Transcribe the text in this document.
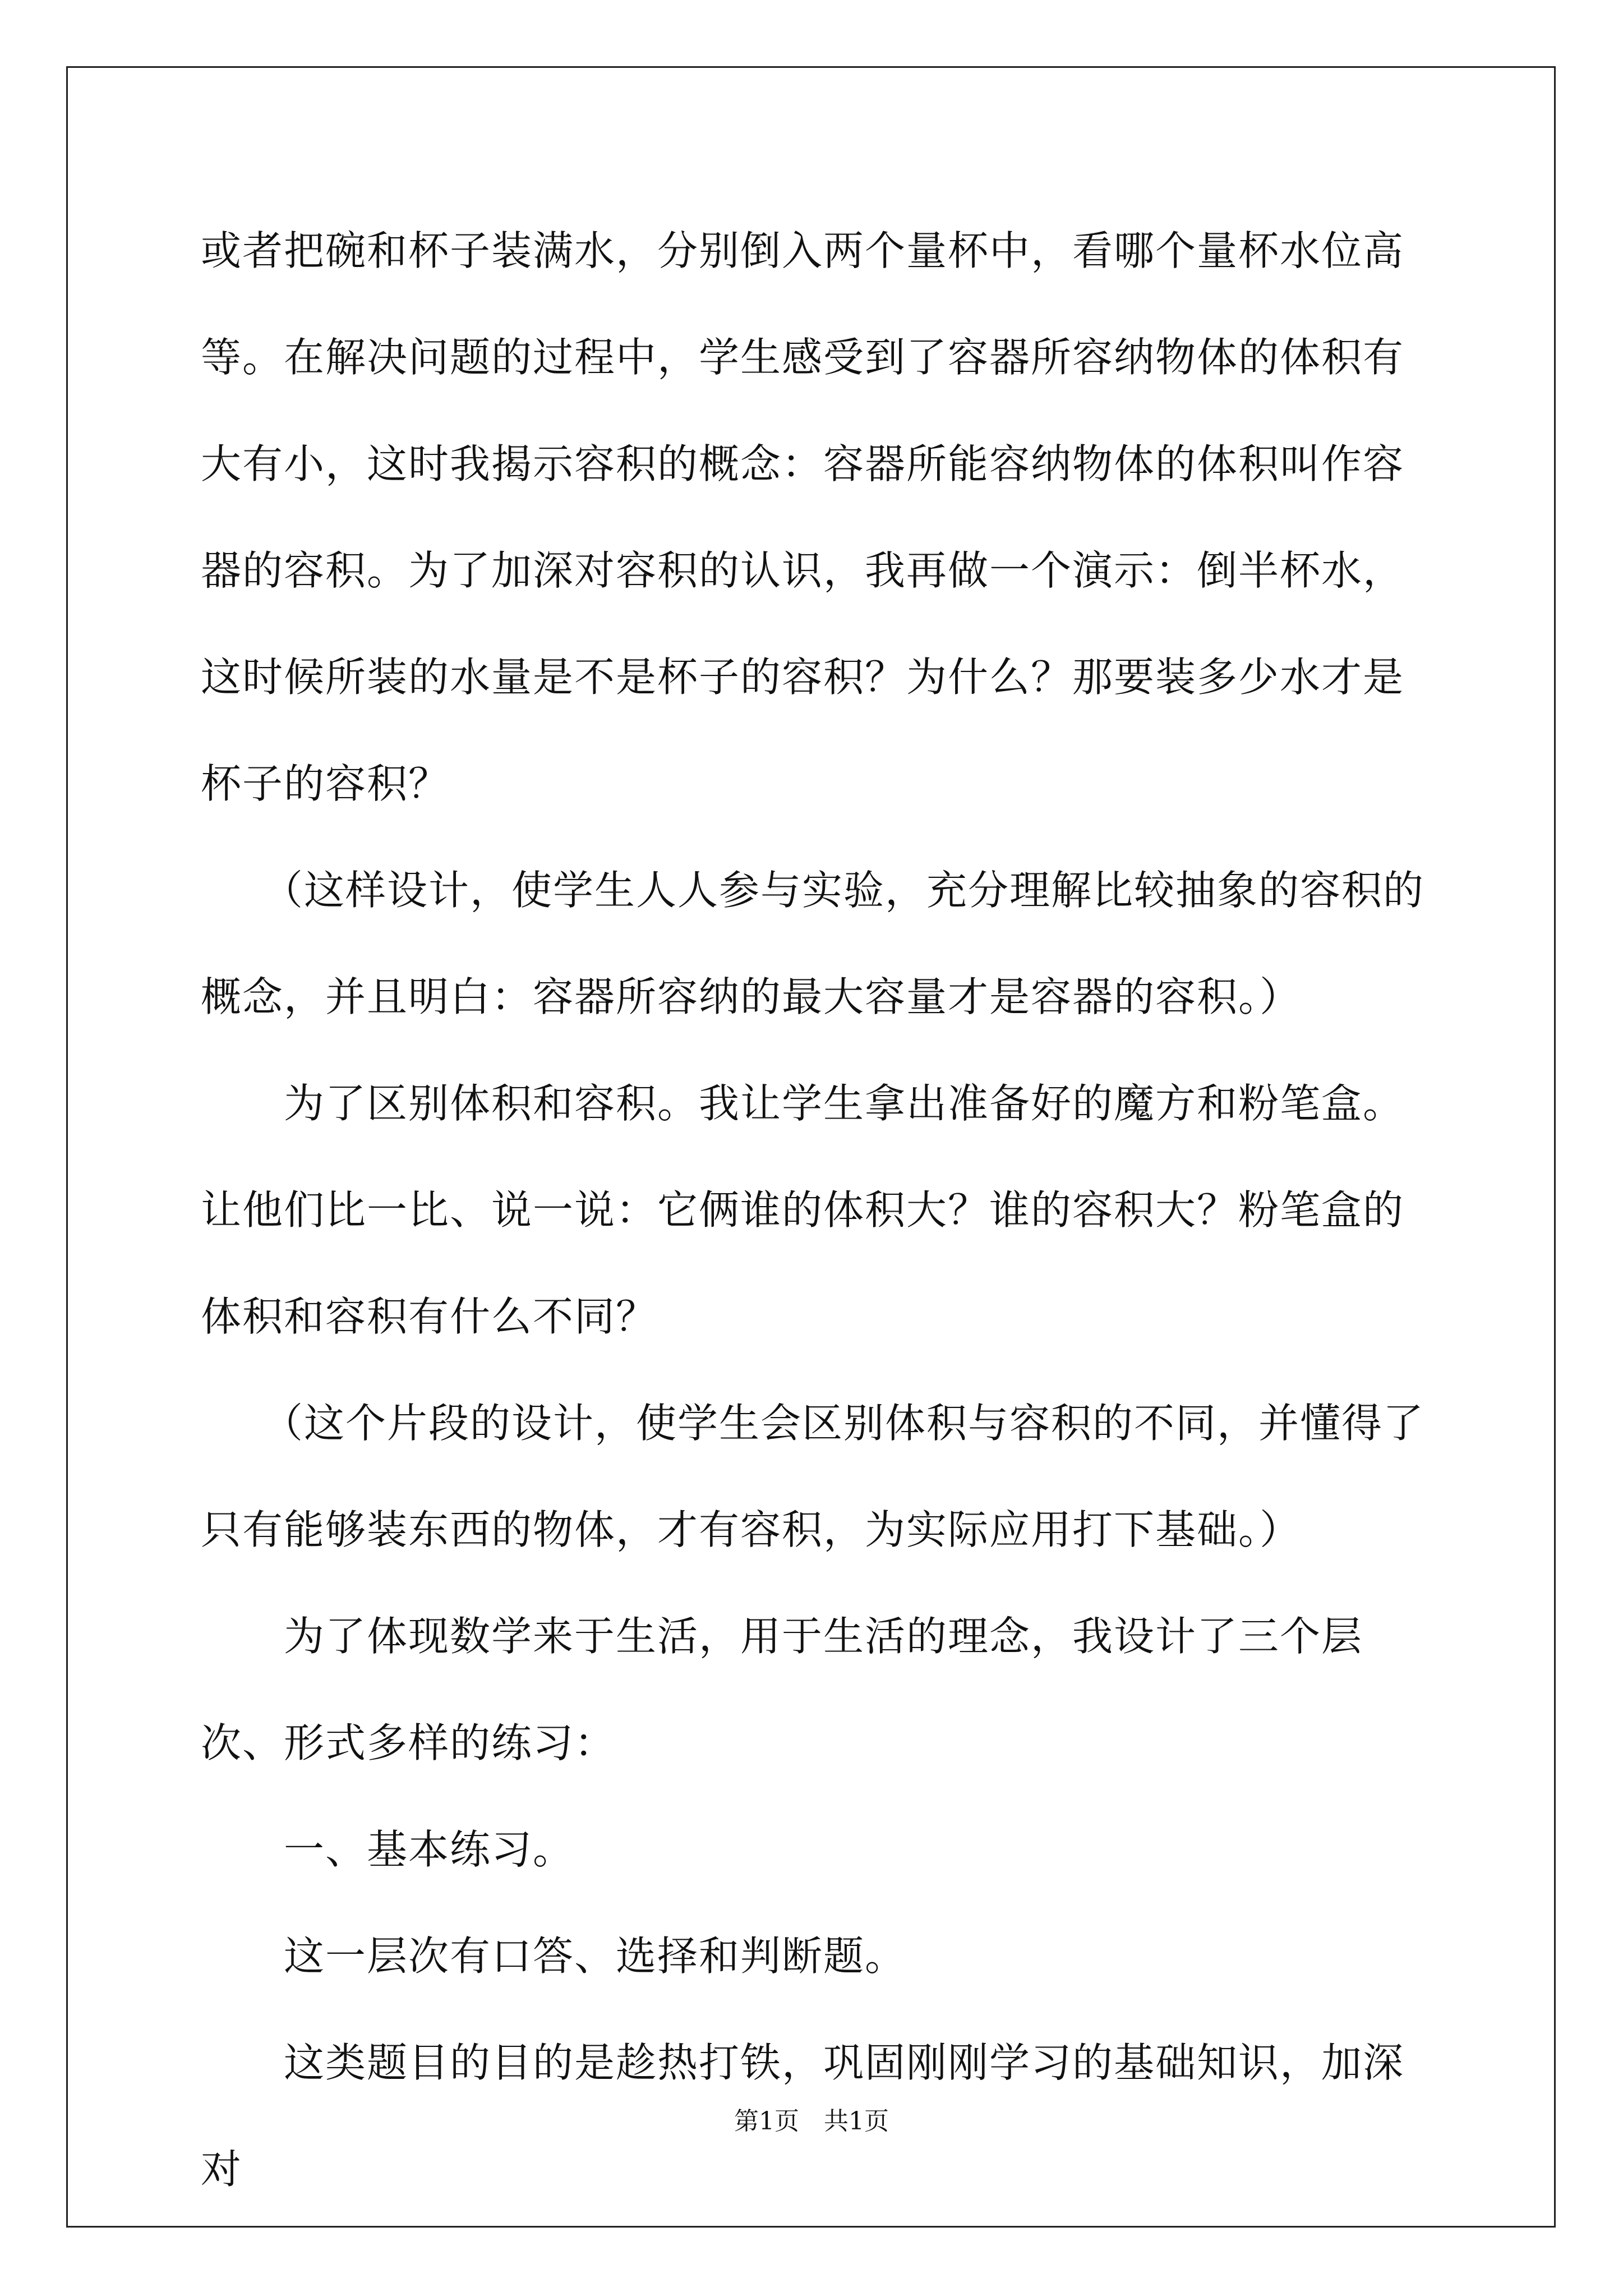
或者把碗和杯子装满水，分别倒入两个量杯中，看哪个量杯水位高等。在解决问题的过程中，学生感受到了容器所容纳物体的体积有大有小，这时我揭示容积的概念：容器所能容纳物体的体积叫作容器的容积。为了加深对容积的认识，我再做一个演示：倒半杯水，这时候所装的水量是不是杯子的容积？为什么？那要装多少水才是杯子的容积？

（这样设计，使学生人人参与实验，充分理解比较抽象的容积的概念，并且明白：容器所容纳的最大容量才是容器的容积。）

为了区别体积和容积。我让学生拿出准备好的魔方和粉笔盒。让他们比一比、说一说：它俩谁的体积大？谁的容积大？粉笔盒的体积和容积有什么不同？

（这个片段的设计，使学生会区别体积与容积的不同，并懂得了只有能够装东西的物体，才有容积，为实际应用打下基础。）

为了体现数学来于生活，用于生活的理念，我设计了三个层次、形式多样的练习：

一、基本练习。

这一层次有口答、选择和判断题。

这类题目的目的是趁热打铁，巩固刚刚学习的基础知识，加深对

第1页　共1页
